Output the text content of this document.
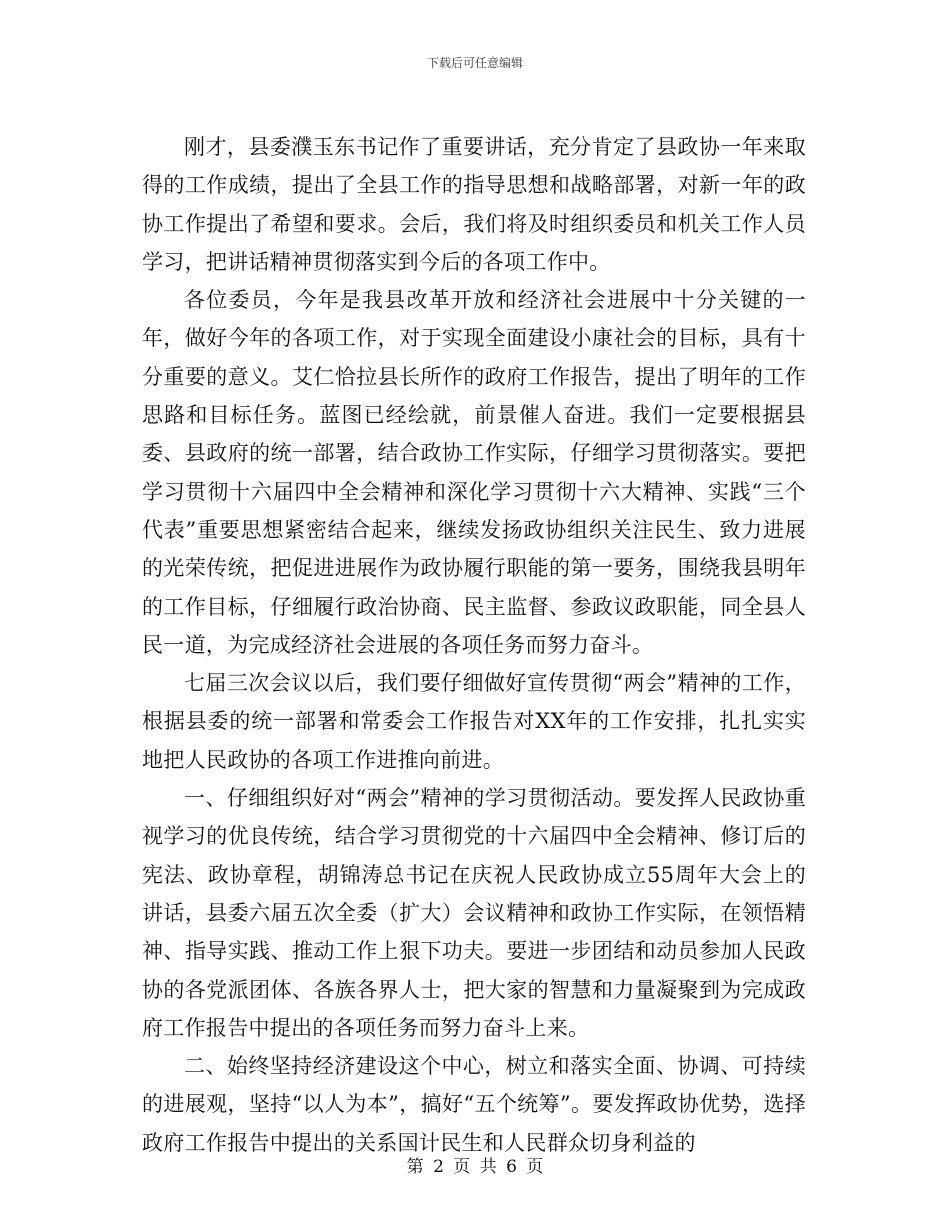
下载后可任意编辑

刚才，县委濮玉东书记作了重要讲话，充分肯定了县政协一年来取得的工作成绩，提出了全县工作的指导思想和战略部署，对新一年的政协工作提出了希望和要求。会后，我们将及时组织委员和机关工作人员学习，把讲话精神贯彻落实到今后的各项工作中。

各位委员，今年是我县改革开放和经济社会进展中十分关键的一年，做好今年的各项工作，对于实现全面建设小康社会的目标，具有十分重要的意义。艾仁恰拉县长所作的政府工作报告，提出了明年的工作思路和目标任务。蓝图已经绘就，前景催人奋进。我们一定要根据县委、县政府的统一部署，结合政协工作实际，仔细学习贯彻落实。要把学习贯彻十六届四中全会精神和深化学习贯彻十六大精神、实践“三个代表”重要思想紧密结合起来，继续发扬政协组织关注民生、致力进展的光荣传统，把促进进展作为政协履行职能的第一要务，围绕我县明年的工作目标，仔细履行政治协商、民主监督、参政议政职能，同全县人民一道，为完成经济社会进展的各项任务而努力奋斗。

七届三次会议以后，我们要仔细做好宣传贯彻“两会”精神的工作，根据县委的统一部署和常委会工作报告对XX年的工作安排，扎扎实实地把人民政协的各项工作进推向前进。

一、仔细组织好对“两会”精神的学习贯彻活动。要发挥人民政协重视学习的优良传统，结合学习贯彻党的十六届四中全会精神、修订后的宪法、政协章程，胡锦涛总书记在庆祝人民政协成立55周年大会上的讲话，县委六届五次全委（扩大）会议精神和政协工作实际，在领悟精神、指导实践、推动工作上狠下功夫。要进一步团结和动员参加人民政协的各党派团体、各族各界人士，把大家的智慧和力量凝聚到为完成政府工作报告中提出的各项任务而努力奋斗上来。

二、始终坚持经济建设这个中心，树立和落实全面、协调、可持续的进展观，坚持“以人为本”，搞好“五个统筹”。要发挥政协优势，选择政府工作报告中提出的关系国计民生和人民群众切身利益的

第 2 页 共 6 页
